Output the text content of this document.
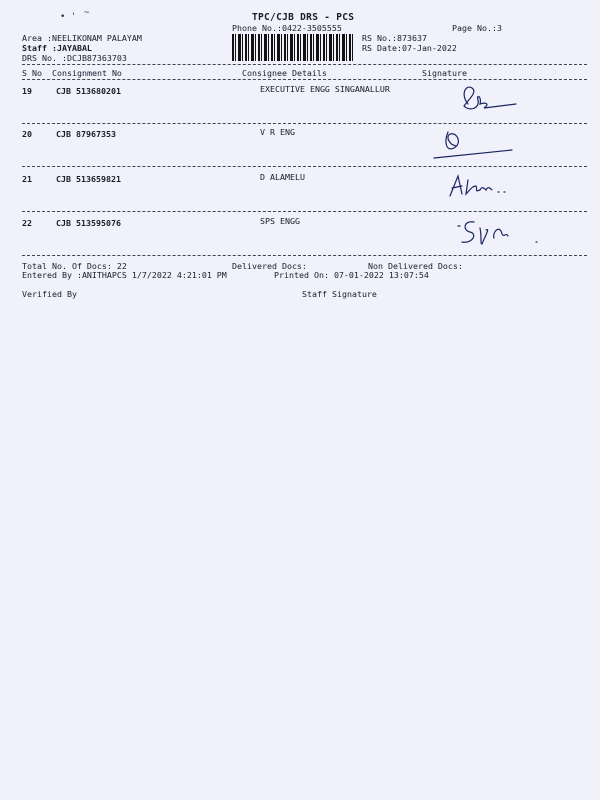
• ' ~	TPC/CJB DRS - PCS
Phone No.:0422-3505555	Page No.:3
Area :NEELIKONAM PALAYAM
Staff :JAYABAL
DRS No. :DCJB87363703
RS No.:873637
RS Date:07-Jan-2022
S No Consignment No	Consignee Details	Signature
19	CJB 513680201	EXECUTIVE ENGG SINGANALLUR
20	CJB 87967353	V R ENG
21	CJB 513659821	D ALAMELU
22	CJB 513595076	SPS ENGG
Total No. Of Docs: 22	Delivered Docs:	Non Delivered Docs:
Entered By :ANITHAPCS 1/7/2022 4:21:01 PM	Printed On: 07-01-2022 13:07:54
Verified By	Staff Signature
